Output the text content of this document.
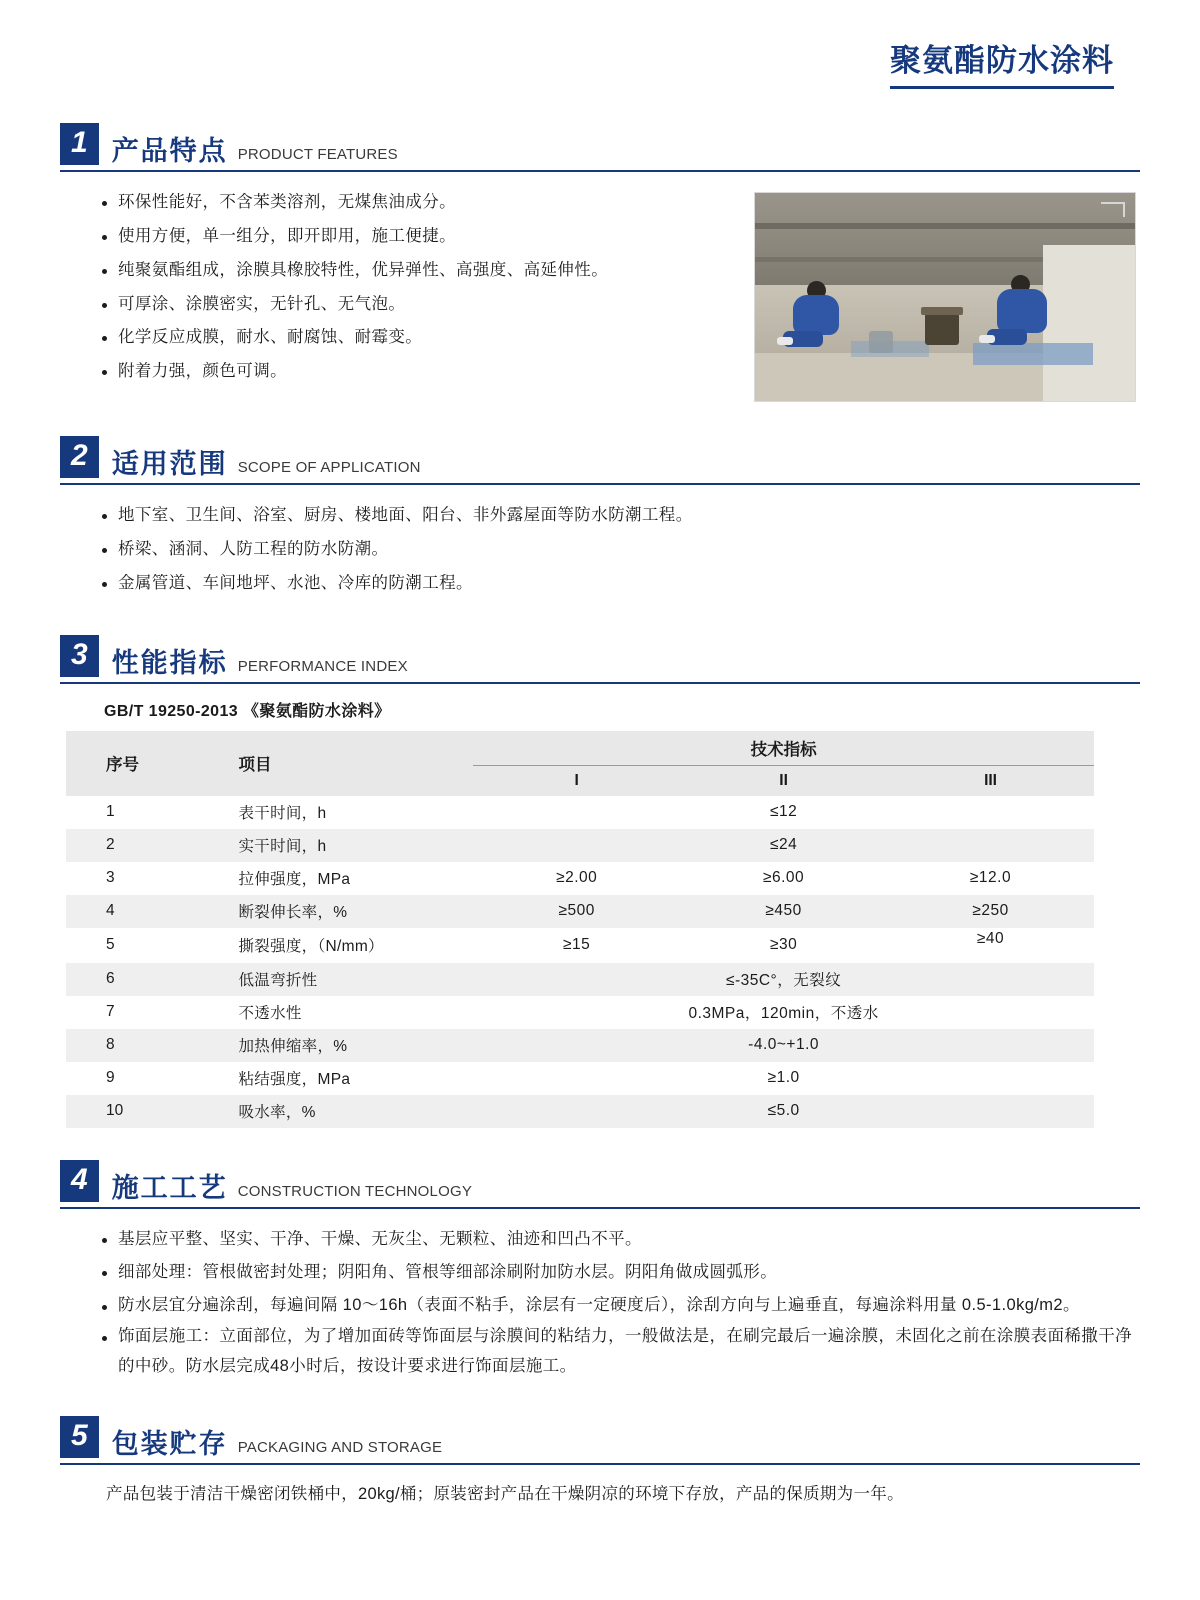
聚氨酯防水涂料
1 产品特点 PRODUCT FEATURES
环保性能好，不含苯类溶剂，无煤焦油成分。
使用方便，单一组分，即开即用，施工便捷。
纯聚氨酯组成，涂膜具橡胶特性，优异弹性、高强度、高延伸性。
可厚涂、涂膜密实，无针孔、无气泡。
化学反应成膜，耐水、耐腐蚀、耐霉变。
附着力强，颜色可调。
2 适用范围 SCOPE OF APPLICATION
地下室、卫生间、浴室、厨房、楼地面、阳台、非外露屋面等防水防潮工程。
桥梁、涵洞、人防工程的防水防潮。
金属管道、车间地坪、水池、冷库的防潮工程。
3 性能指标 PERFORMANCE INDEX
GB/T 19250-2013 《聚氨酯防水涂料》
序号	项目	技术指标		
		I	II	III
1	表干时间，h	≤12		
2	实干时间，h	≤24		
3	拉伸强度，MPa	≥2.00	≥6.00	≥12.0
4	断裂伸长率，%	≥500	≥450	≥250
5	撕裂强度，（N/mm）	≥15	≥30	≥40
6	低温弯折性	≤-35C°，无裂纹		
7	不透水性	0.3MPa，120min，不透水		
8	加热伸缩率，%	-4.0~+1.0		
9	粘结强度，MPa	≥1.0		
10	吸水率，%	≤5.0		
4 施工工艺 CONSTRUCTION TECHNOLOGY
基层应平整、坚实、干净、干燥、无灰尘、无颗粒、油迹和凹凸不平。
细部处理：管根做密封处理；阴阳角、管根等细部涂刷附加防水层。阴阳角做成圆弧形。
防水层宜分遍涂刮，每遍间隔 10～16h（表面不粘手，涂层有一定硬度后），涂刮方向与上遍垂直，每遍涂料用量 0.5-1.0kg/m2。
饰面层施工：立面部位，为了增加面砖等饰面层与涂膜间的粘结力，一般做法是，在刷完最后一遍涂膜，未固化之前在涂膜表面稀撒干净的中砂。防水层完成48小时后，按设计要求进行饰面层施工。
5 包装贮存 PACKAGING AND STORAGE
产品包装于清洁干燥密闭铁桶中，20kg/桶；原装密封产品在干燥阴凉的环境下存放，产品的保质期为一年。
